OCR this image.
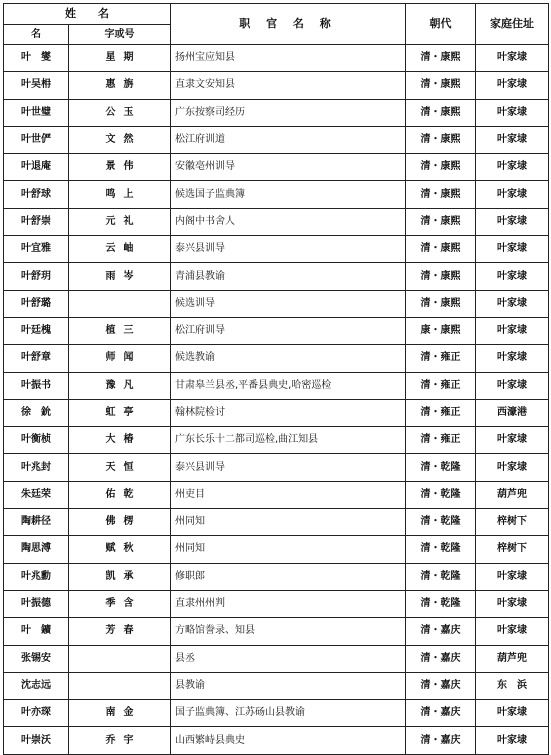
姓　　名		职 官 名 称	朝代	家庭住址
名	字或号			
叶　燮	星期	扬州宝应知县	清・康熙	叶家埭
叶吴枏	惠旃	直隶文安知县	清・康熙	叶家埭
叶世璧	公玉	广东按察司经历	清・康熙	叶家埭
叶世俨	文然	松江府训道	清・康熙	叶家埭
叶退庵	景伟	安徽亳州训导	清・康熙	叶家埭
叶舒球	鸣上	候选国子监典簿	清・康熙	叶家埭
叶舒崇	元礼	内阁中书舍人	清・康熙	叶家埭
叶宜雅	云岫	泰兴县训导	清・康熙	叶家埭
叶舒玥	雨岑	青浦县教谕	清・康熙	叶家埭
叶舒璐		候选训导	清・康熙	叶家埭
叶廷槐	植三	松江府训导	康・康熙	叶家埭
叶舒章	师闻	候选教谕	清・雍正	叶家埭
叶振书	豫凡	甘肃皋兰县丞,平番县典史,哈密巡检	清・雍正	叶家埭
徐　鈗	虹亭	翰林院检讨	清・雍正	西濠港
叶衡桢	大椿	广东长乐十二都司巡检,曲江知县	清・雍正	叶家埭
叶兆封	天恒	泰兴县训导	清・乾隆	叶家埭
朱廷荣	佑乾	州吏目	清・乾隆	葫芦兜
陶耕径	佛楞	州同知	清・乾隆	梓树下
陶思溥	赋秋	州同知	清・乾隆	梓树下
叶兆勳	凯承	修职郎	清・乾隆	叶家埭
叶振德	季含	直隶州州判	清・乾隆	叶家埭
叶　鑛	芳春	方略馆誊录、知县	清・嘉庆	叶家埭
张锡安		县丞	清・嘉庆	葫芦兜
沈志远		县教谕	清・嘉庆	东　浜
叶亦琛	南金	国子监典簿、江苏砀山县教谕	清・嘉庆	叶家埭
叶崇沃	乔宇	山西繁峙县典史	清・嘉庆	叶家埭
